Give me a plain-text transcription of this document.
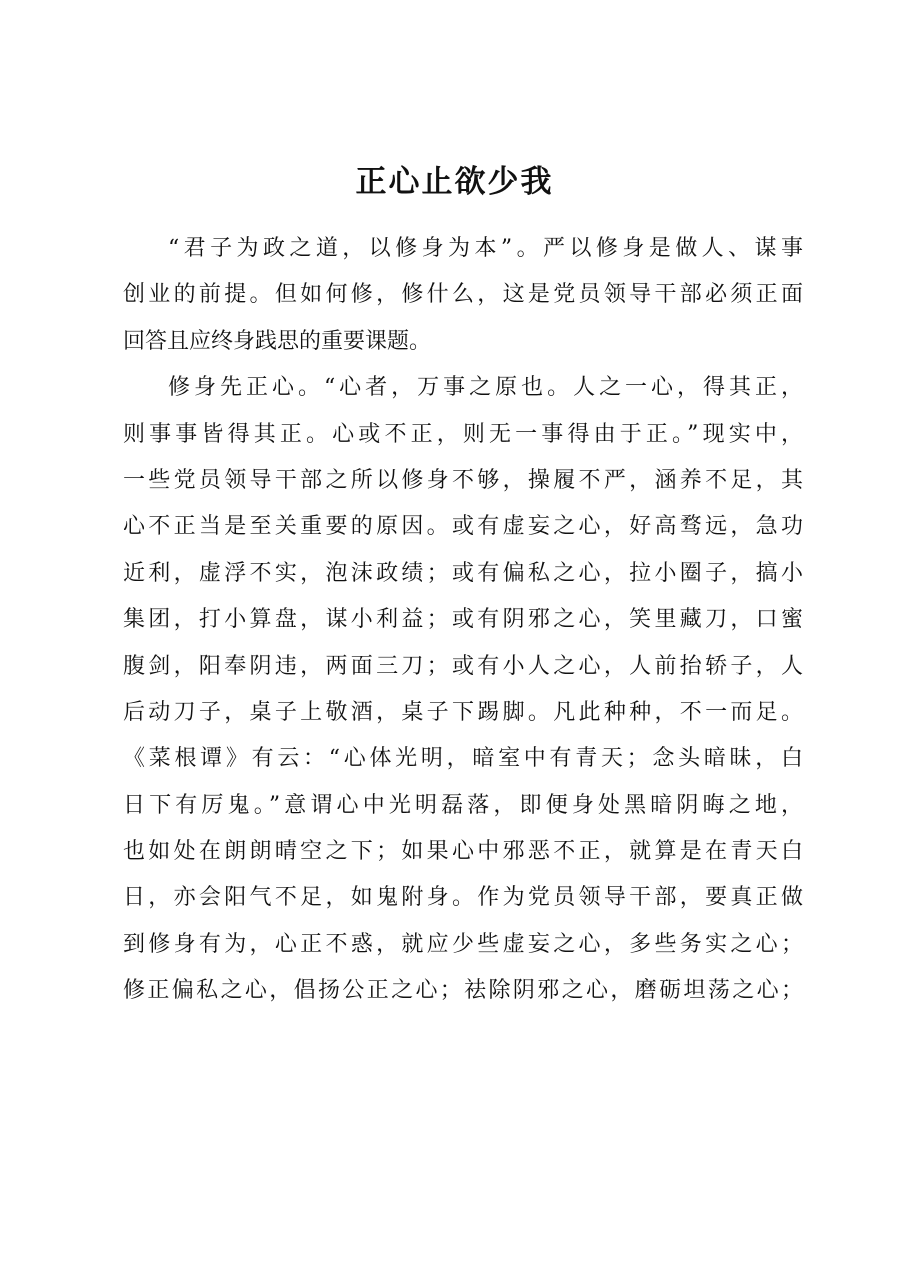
正心止欲少我
“君子为政之道，以修身为本”。严以修身是做人、谋事
创业的前提。但如何修，修什么，这是党员领导干部必须正面
回答且应终身践思的重要课题。
修身先正心。“心者，万事之原也。人之一心，得其正，
则事事皆得其正。心或不正，则无一事得由于正。”现实中，
一些党员领导干部之所以修身不够，操履不严，涵养不足，其
心不正当是至关重要的原因。或有虚妄之心，好高骛远，急功
近利，虚浮不实，泡沫政绩；或有偏私之心，拉小圈子，搞小
集团，打小算盘，谋小利益；或有阴邪之心，笑里藏刀，口蜜
腹剑，阳奉阴违，两面三刀；或有小人之心，人前抬轿子，人
后动刀子，桌子上敬酒，桌子下踢脚。凡此种种，不一而足。
《菜根谭》有云：“心体光明，暗室中有青天；念头暗昧，白
日下有厉鬼。”意谓心中光明磊落，即便身处黑暗阴晦之地，
也如处在朗朗晴空之下；如果心中邪恶不正，就算是在青天白
日，亦会阳气不足，如鬼附身。作为党员领导干部，要真正做
到修身有为，心正不惑，就应少些虚妄之心，多些务实之心；
修正偏私之心，倡扬公正之心；祛除阴邪之心，磨砺坦荡之心；
